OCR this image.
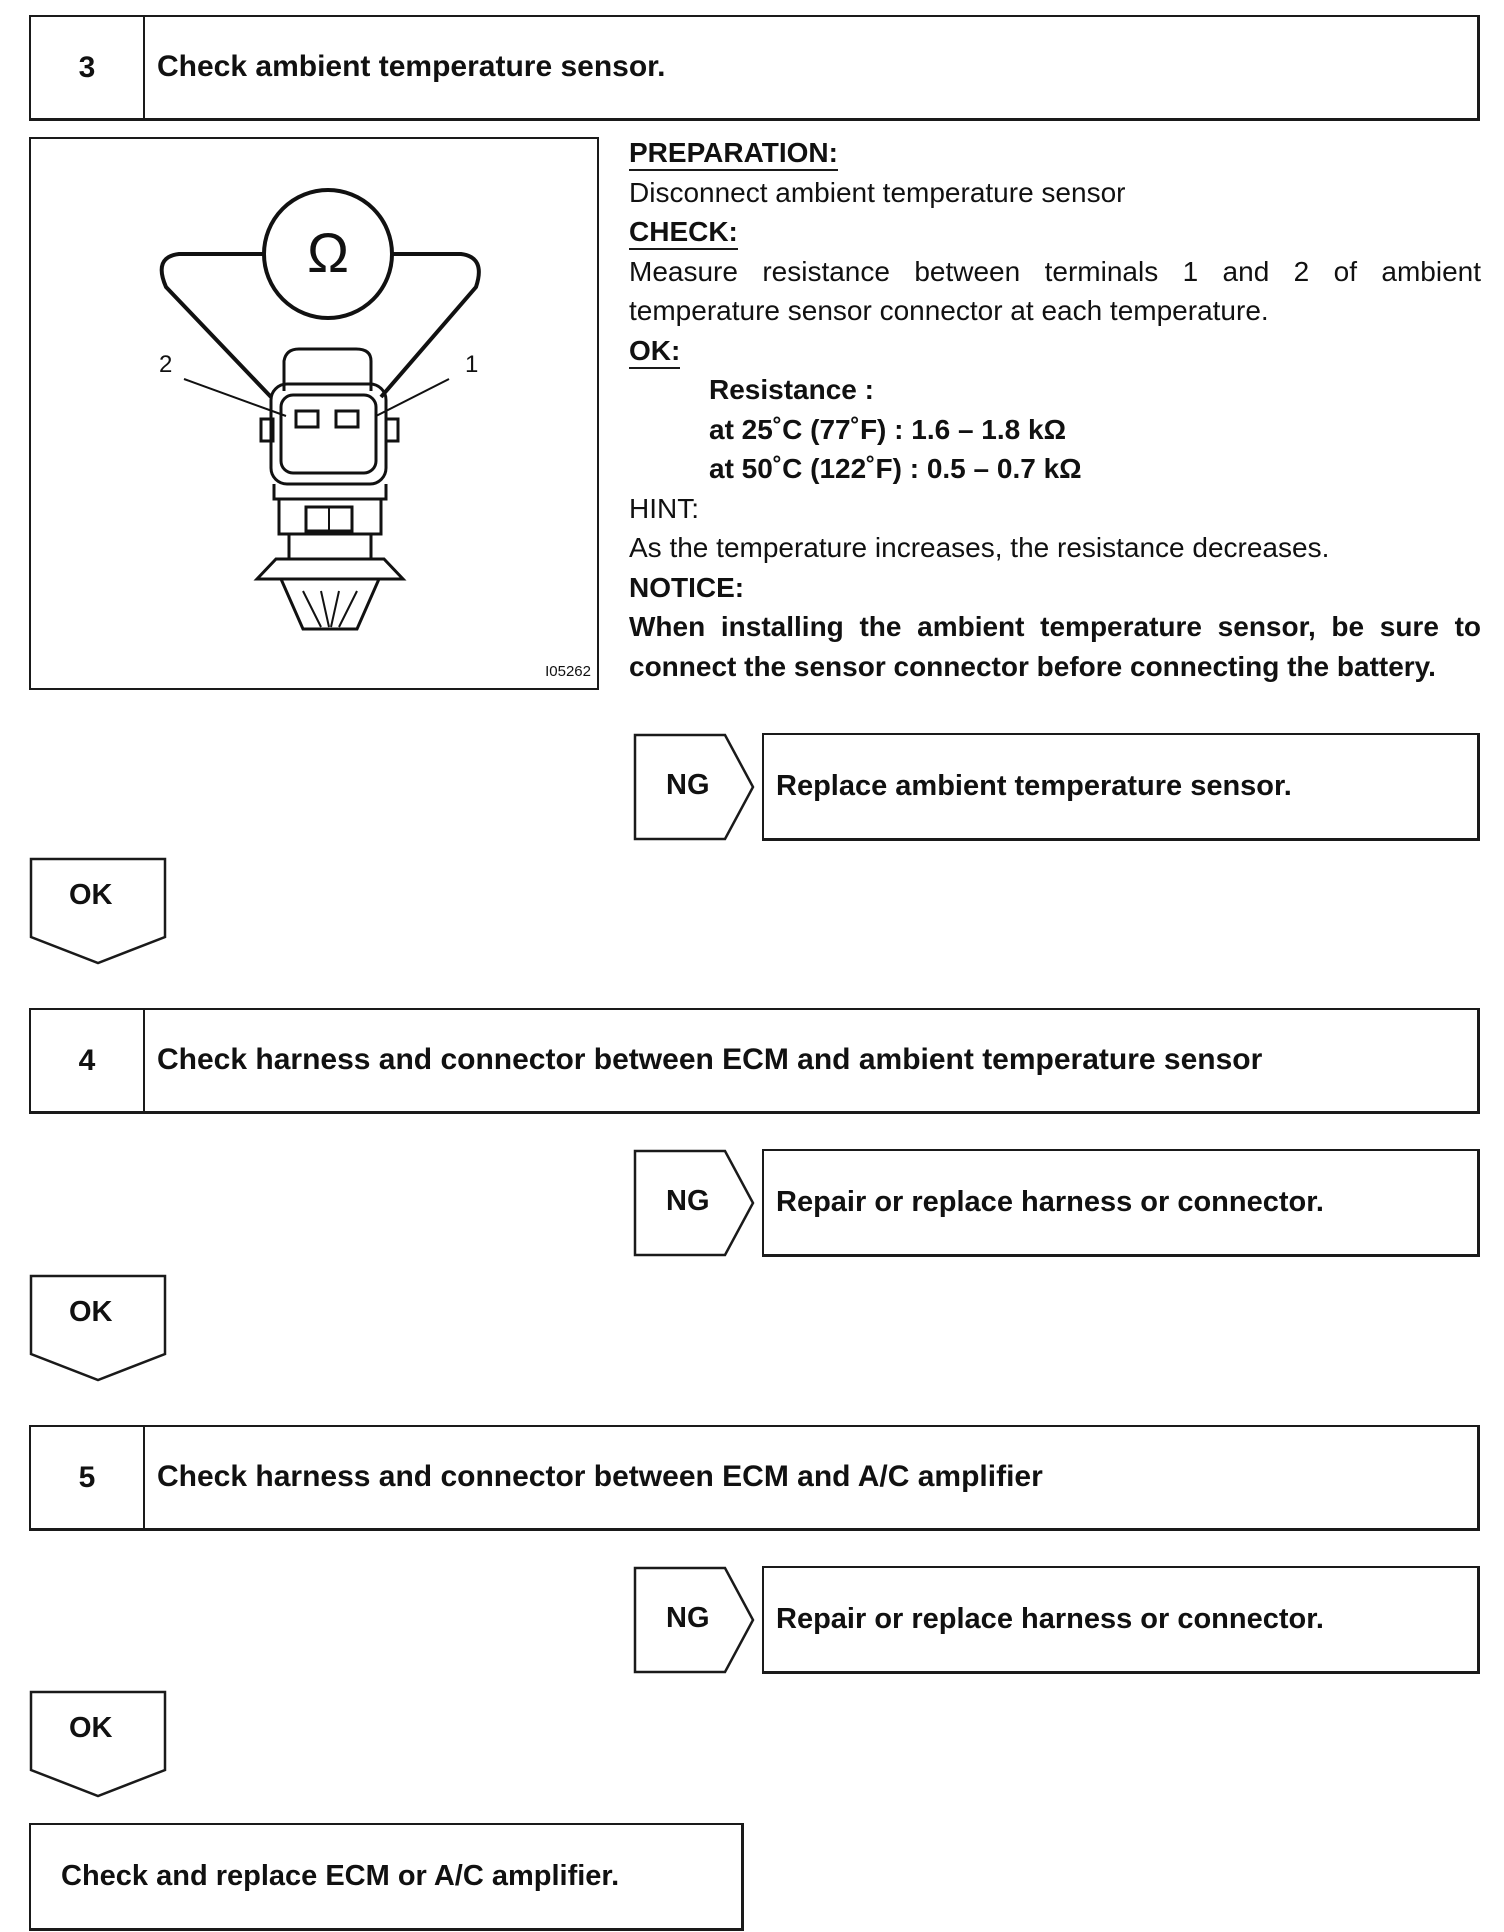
3	Check ambient temperature sensor.
Ω
2	1
I05262
PREPARATION:
Disconnect ambient temperature sensor
CHECK:
Measure resistance between terminals 1 and 2 of ambient temperature sensor connector at each temperature.
OK:
Resistance :
at 25˚C (77˚F) : 1.6 – 1.8 kΩ
at 50˚C (122˚F) : 0.5 – 0.7 kΩ
HINT:
As the temperature increases, the resistance decreases.
NOTICE:
When installing the ambient temperature sensor, be sure to connect the sensor connector before connecting the battery.
NG	Replace ambient temperature sensor.
OK
4	Check harness and connector between ECM and ambient temperature sensor
NG	Repair or replace harness or connector.
OK
5	Check harness and connector between ECM and A/C amplifier
NG	Repair or replace harness or connector.
OK
Check and replace ECM or A/C amplifier.
